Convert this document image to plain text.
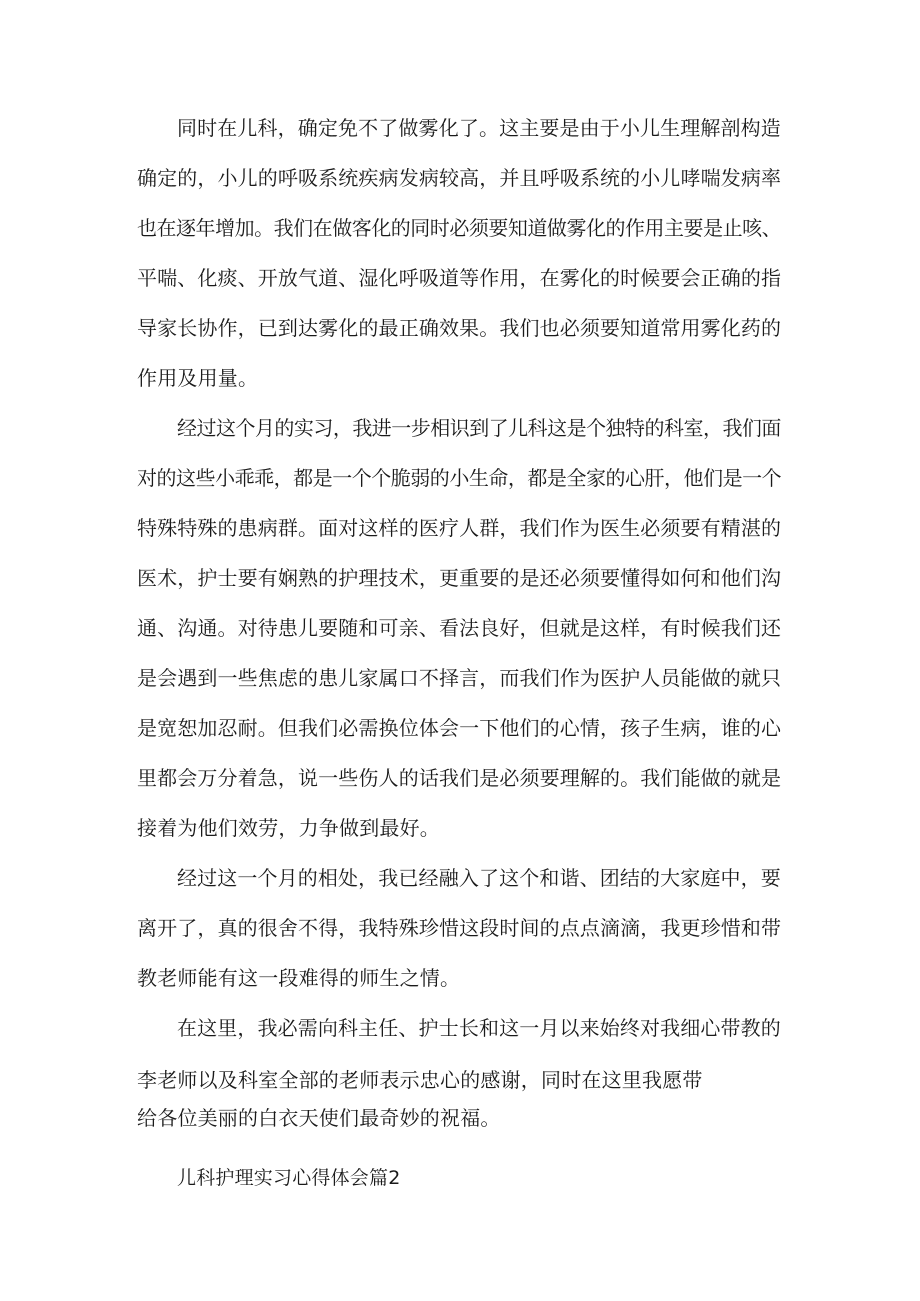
同时在儿科，确定免不了做雾化了。这主要是由于小儿生理解剖构造
确定的，小儿的呼吸系统疾病发病较高，并且呼吸系统的小儿哮喘发病率
也在逐年增加。我们在做客化的同时必须要知道做雾化的作用主要是止咳、
平喘、化痰、开放气道、湿化呼吸道等作用，在雾化的时候要会正确的指
导家长协作，已到达雾化的最正确效果。我们也必须要知道常用雾化药的
作用及用量。
经过这个月的实习，我进一步相识到了儿科这是个独特的科室，我们面
对的这些小乖乖，都是一个个脆弱的小生命，都是全家的心肝，他们是一个
特殊特殊的患病群。面对这样的医疗人群，我们作为医生必须要有精湛的
医术，护士要有娴熟的护理技术，更重要的是还必须要懂得如何和他们沟
通、沟通。对待患儿要随和可亲、看法良好，但就是这样，有时候我们还
是会遇到一些焦虑的患儿家属口不择言，而我们作为医护人员能做的就只
是宽恕加忍耐。但我们必需换位体会一下他们的心情，孩子生病，谁的心
里都会万分着急，说一些伤人的话我们是必须要理解的。我们能做的就是
接着为他们效劳，力争做到最好。
经过这一个月的相处，我已经融入了这个和谐、团结的大家庭中，要
离开了，真的很舍不得，我特殊珍惜这段时间的点点滴滴，我更珍惜和带
教老师能有这一段难得的师生之情。
在这里，我必需向科主任、护士长和这一月以来始终对我细心带教的
李老师以及科室全部的老师表示忠心的感谢，同时在这里我愿带
给各位美丽的白衣天使们最奇妙的祝福。
儿科护理实习心得体会篇2
